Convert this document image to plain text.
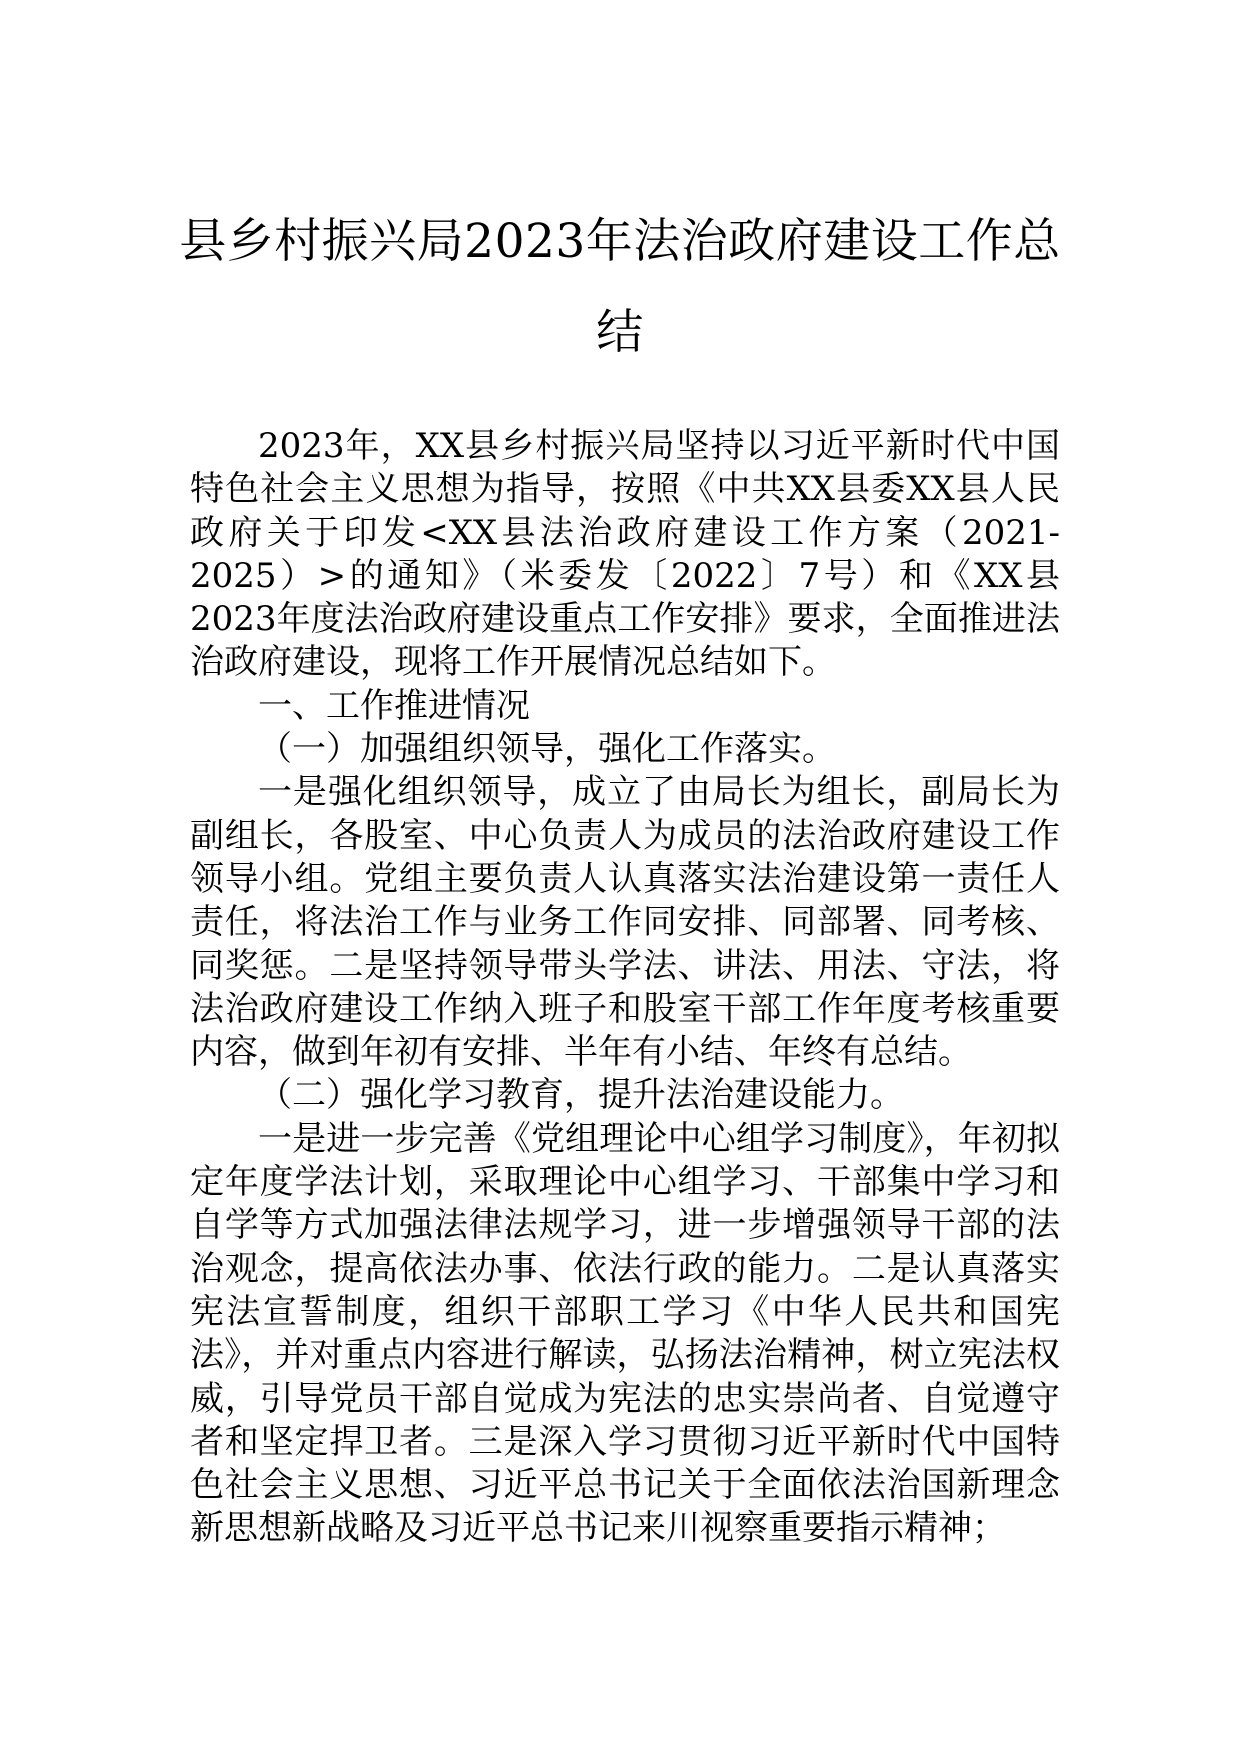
县乡村振兴局2023年法治政府建设工作总
结

2023年，XX县乡村振兴局坚持以习近平新时代中国特色社会主义思想为指导，按照《中共XX县委XX县人民政府关于印发<XX县法治政府建设工作方案（2021-2025）>的通知》（米委发〔2022〕7号）和《XX县2023年度法治政府建设重点工作安排》要求，全面推进法治政府建设，现将工作开展情况总结如下。

一、工作推进情况

（一）加强组织领导，强化工作落实。

一是强化组织领导，成立了由局长为组长，副局长为副组长，各股室、中心负责人为成员的法治政府建设工作领导小组。党组主要负责人认真落实法治建设第一责任人责任，将法治工作与业务工作同安排、同部署、同考核、同奖惩。二是坚持领导带头学法、讲法、用法、守法，将法治政府建设工作纳入班子和股室干部工作年度考核重要内容，做到年初有安排、半年有小结、年终有总结。

（二）强化学习教育，提升法治建设能力。

一是进一步完善《党组理论中心组学习制度》，年初拟定年度学法计划，采取理论中心组学习、干部集中学习和自学等方式加强法律法规学习，进一步增强领导干部的法治观念，提高依法办事、依法行政的能力。二是认真落实宪法宣誓制度，组织干部职工学习《中华人民共和国宪法》，并对重点内容进行解读，弘扬法治精神，树立宪法权威，引导党员干部自觉成为宪法的忠实崇尚者、自觉遵守者和坚定捍卫者。三是深入学习贯彻习近平新时代中国特色社会主义思想、习近平总书记关于全面依法治国新理念新思想新战略及习近平总书记来川视察重要指示精神；
